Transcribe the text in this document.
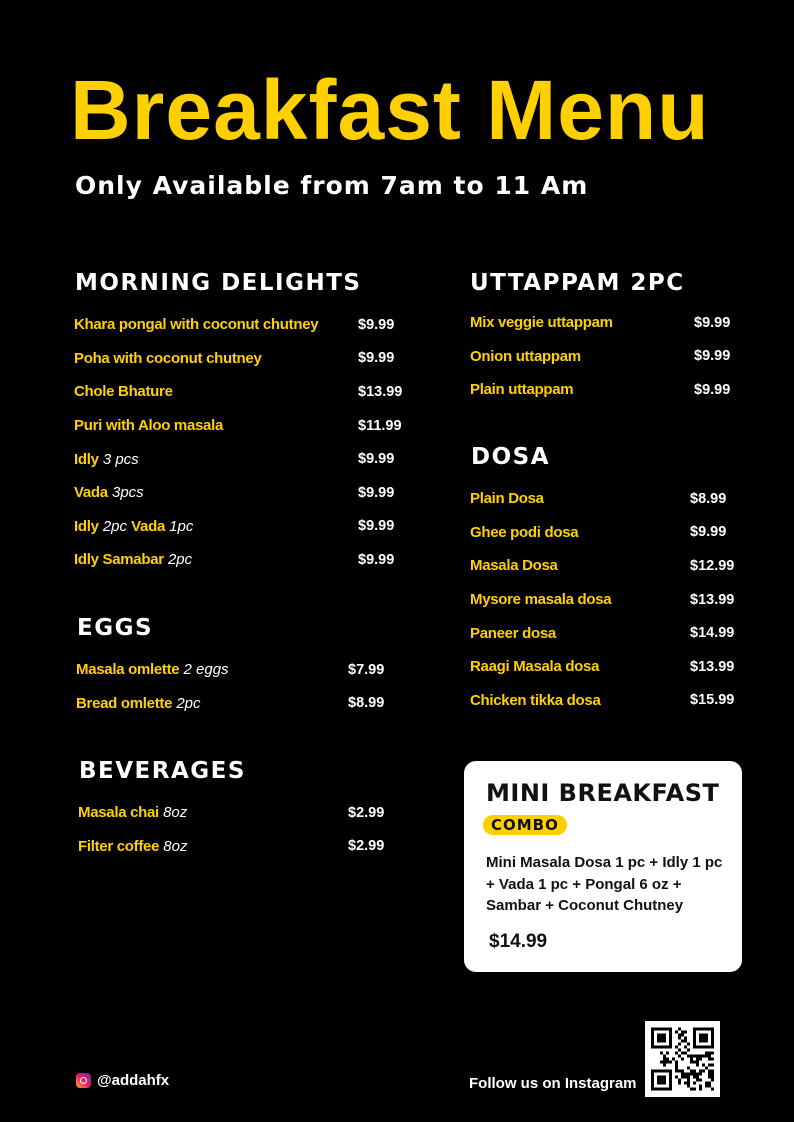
Breakfast Menu
Only Available from 7am to 11 Am
MORNING DELIGHTS
Khara pongal with coconut chutney	$9.99
Poha with coconut chutney	$9.99
Chole Bhature	$13.99
Puri with Aloo masala	$11.99
Idly 3 pcs	$9.99
Vada 3pcs	$9.99
Idly 2pc Vada 1pc	$9.99
Idly Samabar 2pc	$9.99
EGGS
Masala omlette 2 eggs	$7.99
Bread omlette 2pc	$8.99
BEVERAGES
Masala chai 8oz	$2.99
Filter coffee 8oz	$2.99
UTTAPPAM 2PC
Mix veggie uttappam	$9.99
Onion uttappam	$9.99
Plain uttappam	$9.99
DOSA
Plain Dosa	$8.99
Ghee podi dosa	$9.99
Masala Dosa	$12.99
Mysore masala dosa	$13.99
Paneer dosa	$14.99
Raagi Masala dosa	$13.99
Chicken tikka dosa	$15.99
MINI BREAKFAST
COMBO
Mini Masala Dosa 1 pc + Idly 1 pc + Vada 1 pc + Pongal 6 oz + Sambar + Coconut Chutney
$14.99
@addahfx	Follow us on Instagram
